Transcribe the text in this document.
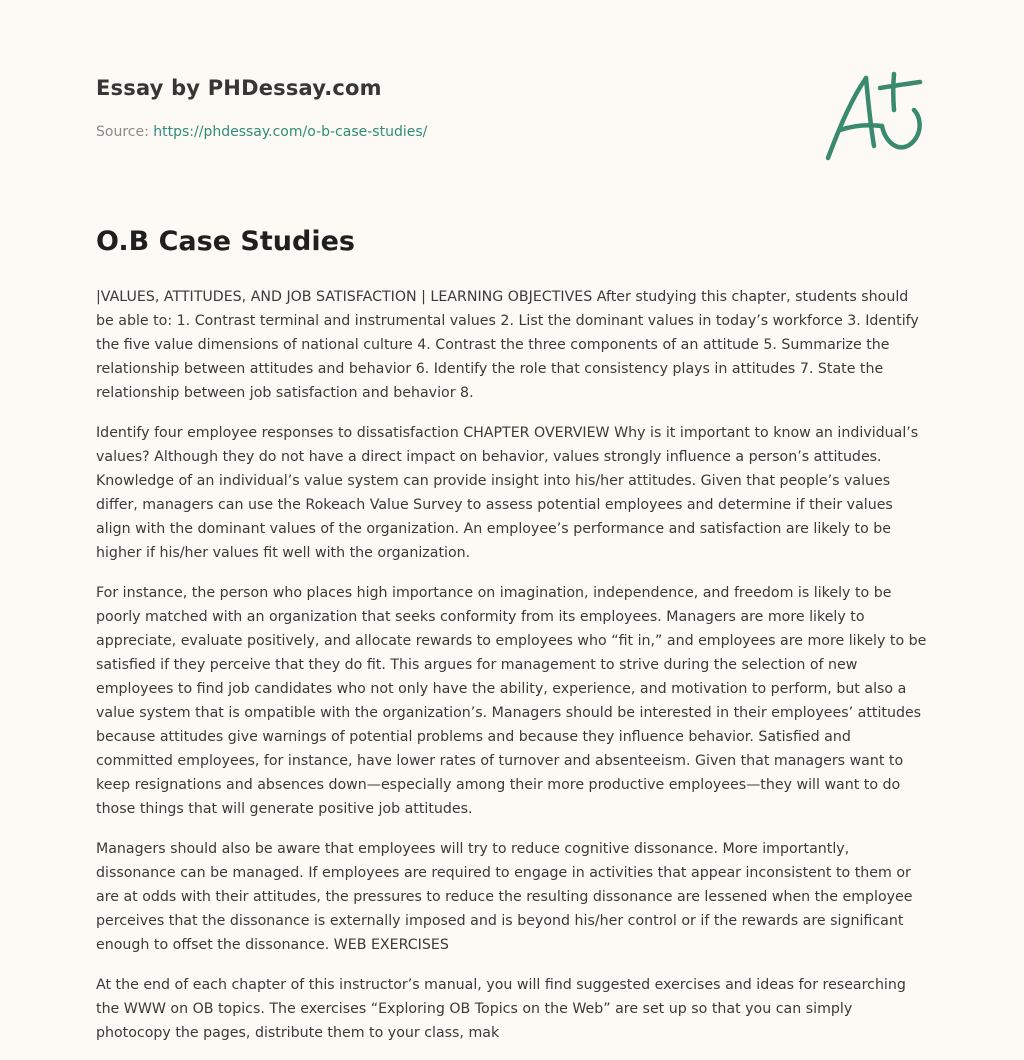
Essay by PHDessay.com
Source: https://phdessay.com/o-b-case-studies/
O.B Case Studies

|VALUES, ATTITUDES, AND JOB SATISFACTION | LEARNING OBJECTIVES After studying this chapter, students should be able to: 1. Contrast terminal and instrumental values 2. List the dominant values in today’s workforce 3. Identify the five value dimensions of national culture 4. Contrast the three components of an attitude 5. Summarize the relationship between attitudes and behavior 6. Identify the role that consistency plays in attitudes 7. State the relationship between job satisfaction and behavior 8.

Identify four employee responses to dissatisfaction CHAPTER OVERVIEW Why is it important to know an individual’s values? Although they do not have a direct impact on behavior, values strongly influence a person’s attitudes. Knowledge of an individual’s value system can provide insight into his/her attitudes. Given that people’s values differ, managers can use the Rokeach Value Survey to assess potential employees and determine if their values align with the dominant values of the organization. An employee’s performance and satisfaction are likely to be higher if his/her values fit well with the organization.

For instance, the person who places high importance on imagination, independence, and freedom is likely to be poorly matched with an organization that seeks conformity from its employees. Managers are more likely to appreciate, evaluate positively, and allocate rewards to employees who “fit in,” and employees are more likely to be satisfied if they perceive that they do fit. This argues for management to strive during the selection of new employees to find job candidates who not only have the ability, experience, and motivation to perform, but also a value system that is ompatible with the organization’s. Managers should be interested in their employees’ attitudes because attitudes give warnings of potential problems and because they influence behavior. Satisfied and committed employees, for instance, have lower rates of turnover and absenteeism. Given that managers want to keep resignations and absences down—especially among their more productive employees—they will want to do those things that will generate positive job attitudes.

Managers should also be aware that employees will try to reduce cognitive dissonance. More importantly, dissonance can be managed. If employees are required to engage in activities that appear inconsistent to them or are at odds with their attitudes, the pressures to reduce the resulting dissonance are lessened when the employee perceives that the dissonance is externally imposed and is beyond his/her control or if the rewards are significant enough to offset the dissonance. WEB EXERCISES

At the end of each chapter of this instructor’s manual, you will find suggested exercises and ideas for researching the WWW on OB topics. The exercises “Exploring OB Topics on the Web” are set up so that you can simply photocopy the pages, distribute them to your class, mak
